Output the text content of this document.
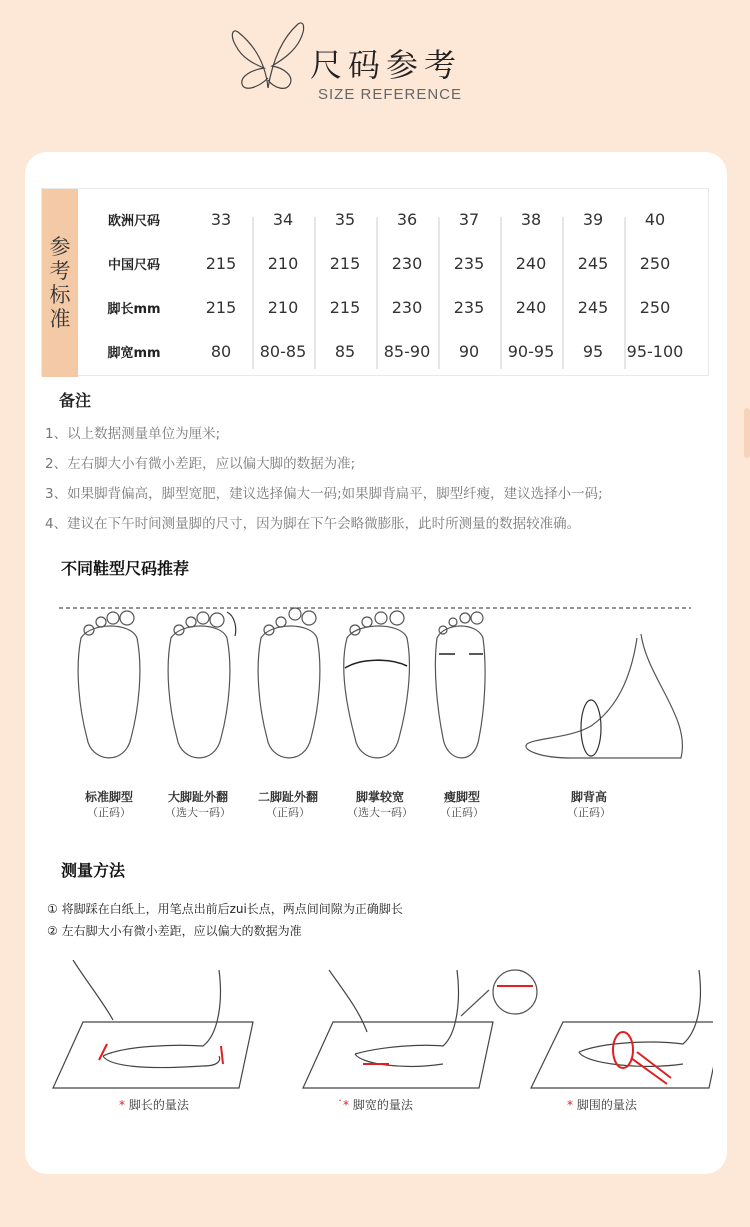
尺码参考
SIZE REFERENCE
参
考
标
准
欧洲尺码	33	34	35	36	37	38	39	40
中国尺码	215	210	215	230	235	240	245	250
脚长mm	215	210	215	230	235	240	245	250
脚宽mm	80	80-85	85	85-90	90	90-95	95	95-100
备注
1、以上数据测量单位为厘米;
2、左右脚大小有微小差距，应以偏大脚的数据为准;
3、如果脚背偏高，脚型宽肥，建议选择偏大一码;如果脚背扁平，脚型纤瘦，建议选择小一码;
4、建议在下午时间测量脚的尺寸，因为脚在下午会略微膨胀，此时所测量的数据较准确。
不同鞋型尺码推荐
标准脚型
（正码）
大脚趾外翻
（选大一码）
二脚趾外翻
（正码）
脚掌较宽
（选大一码）
瘦脚型
（正码）
脚背高
（正码）
测量方法
① 将脚踩在白纸上，用笔点出前后zui长点，两点间间隙为正确脚长
② 左右脚大小有微小差距，应以偏大的数据为准
* 脚长的量法	˙* 脚宽的量法	* 脚围的量法
